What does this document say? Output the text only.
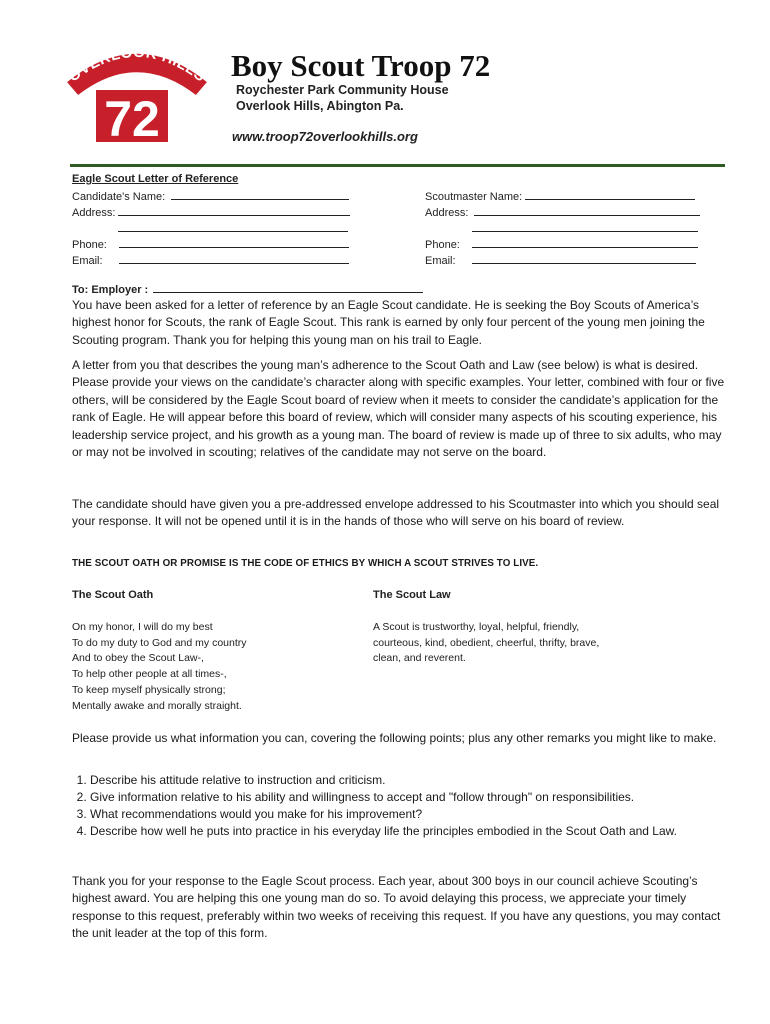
OVERLOOK HILLS
72
Boy Scout Troop 72
Roychester Park Community House
Overlook Hills, Abington Pa.
www.troop72overlookhills.org
Eagle Scout Letter of Reference
Candidate's Name:
Address:
Phone:
Email:
Scoutmaster Name:
Address:
Phone:
Email:
To: Employer :

You have been asked for a letter of reference by an Eagle Scout candidate. He is seeking the Boy Scouts of America’s highest honor for Scouts, the rank of Eagle Scout. This rank is earned by only four percent of the young men joining the Scouting program. Thank you for helping this young man on his trail to Eagle.

A letter from you that describes the young man’s adherence to the Scout Oath and Law (see below) is what is desired. Please provide your views on the candidate’s character along with specific examples. Your letter, combined with four or five others, will be considered by the Eagle Scout board of review when it meets to consider the candidate’s application for the rank of Eagle. He will appear before this board of review, which will consider many aspects of his scouting experience, his leadership service project, and his growth as a young man. The board of review is made up of three to six adults, who may or may not be involved in scouting; relatives of the candidate may not serve on the board.

The candidate should have given you a pre-addressed envelope addressed to his Scoutmaster into which you should seal your response. It will not be opened until it is in the hands of those who will serve on his board of review.

THE SCOUT OATH OR PROMISE IS THE CODE OF ETHICS BY WHICH A SCOUT STRIVES TO LIVE.
The Scout Oath	The Scout Law
On my honor, I will do my best
To do my duty to God and my country
And to obey the Scout Law-,
To help other people at all times-,
To keep myself physically strong;
Mentally awake and morally straight.
A Scout is trustworthy, loyal, helpful, friendly,
courteous, kind, obedient, cheerful, thrifty, brave,
clean, and reverent.

Please provide us what information you can, covering the following points; plus any other remarks you might like to make.

1. Describe his attitude relative to instruction and criticism.
2. Give information relative to his ability and willingness to accept and "follow through" on responsibilities.
3. What recommendations would you make for his improvement?
4. Describe how well he puts into practice in his everyday life the principles embodied in the Scout Oath and Law.

Thank you for your response to the Eagle Scout process. Each year, about 300 boys in our council achieve Scouting’s highest award. You are helping this one young man do so. To avoid delaying this process, we appreciate your timely response to this request, preferably within two weeks of receiving this request. If you have any questions, you may contact the unit leader at the top of this form.
